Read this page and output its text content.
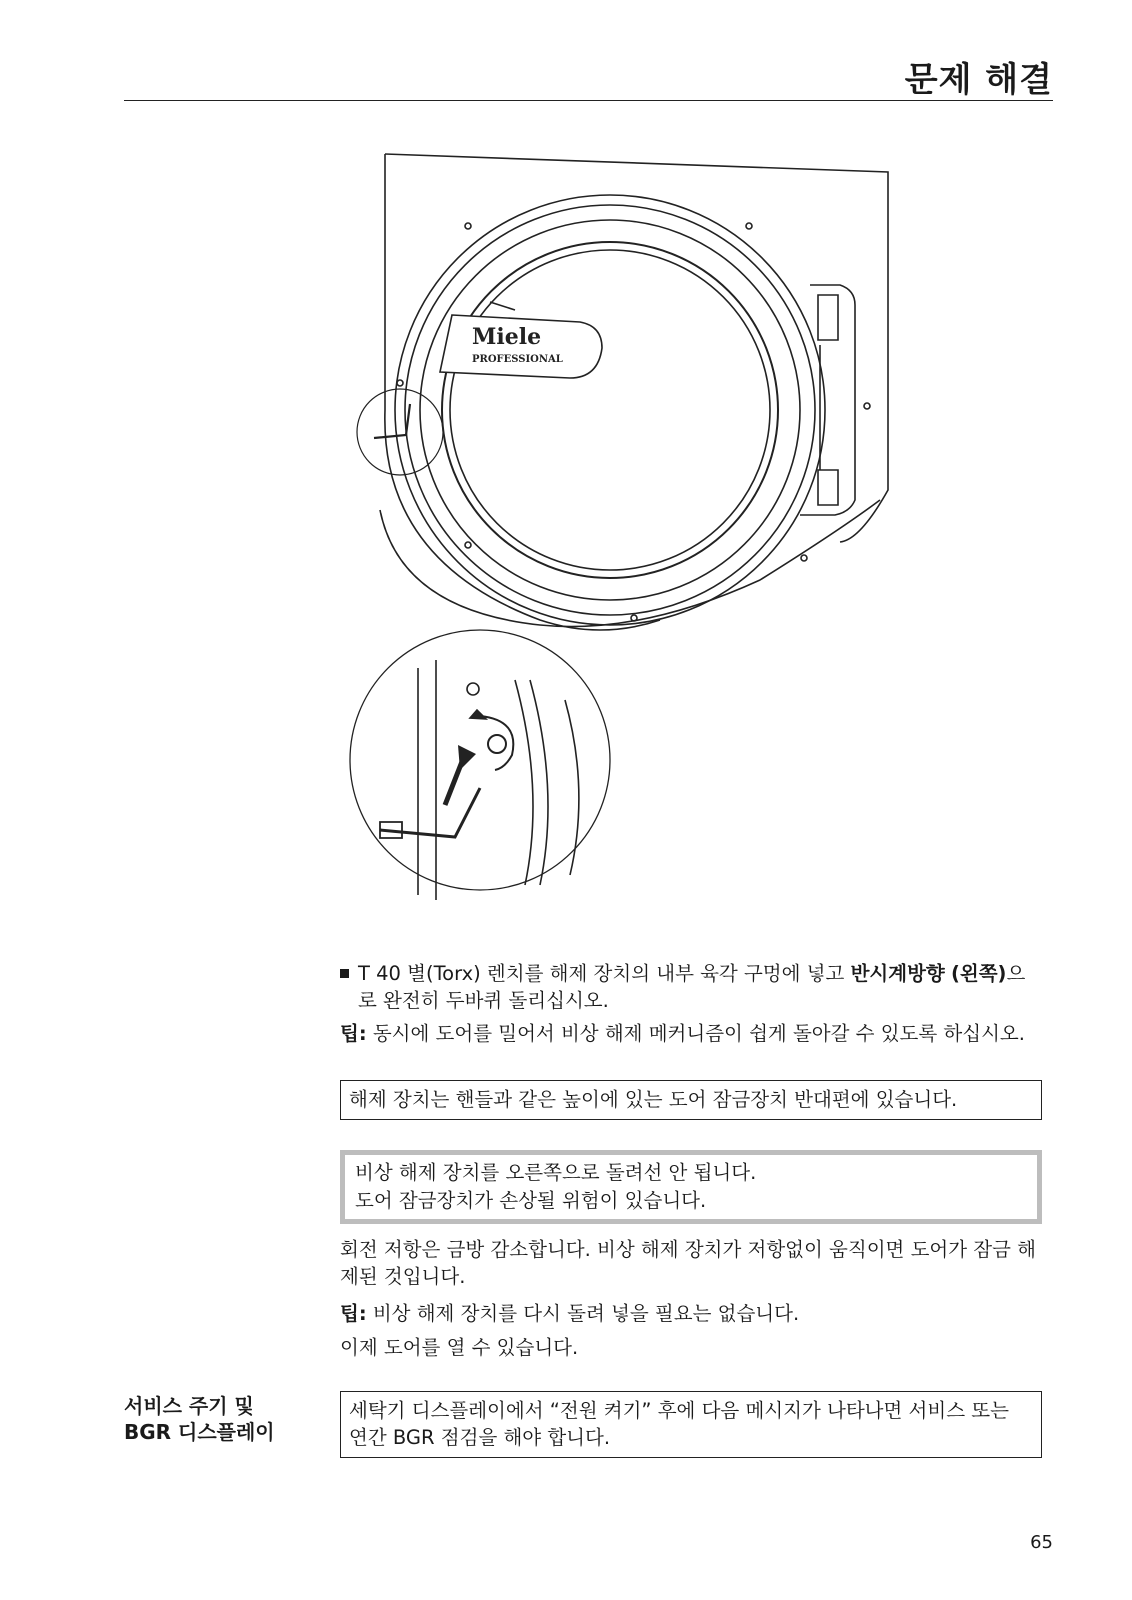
문제 해결
Miele
PROFESSIONAL
T 40 별(Torx) 렌치를 해제 장치의 내부 육각 구멍에 넣고 반시계방향 (왼쪽)으로 완전히 두바퀴 돌리십시오.

팁: 동시에 도어를 밀어서 비상 해제 메커니즘이 쉽게 돌아갈 수 있도록 하십시오.

해제 장치는 핸들과 같은 높이에 있는 도어 잠금장치 반대편에 있습니다.
비상 해제 장치를 오른쪽으로 돌려선 안 됩니다.
도어 잠금장치가 손상될 위험이 있습니다.

회전 저항은 금방 감소합니다. 비상 해제 장치가 저항없이 움직이면 도어가 잠금 해제된 것입니다.

팁: 비상 해제 장치를 다시 돌려 넣을 필요는 없습니다.

이제 도어를 열 수 있습니다.

서비스 주기 및
BGR 디스플레이
세탁기 디스플레이에서 “전원 켜기” 후에 다음 메시지가 나타나면 서비스 또는 연간 BGR 점검을 해야 합니다.
65
